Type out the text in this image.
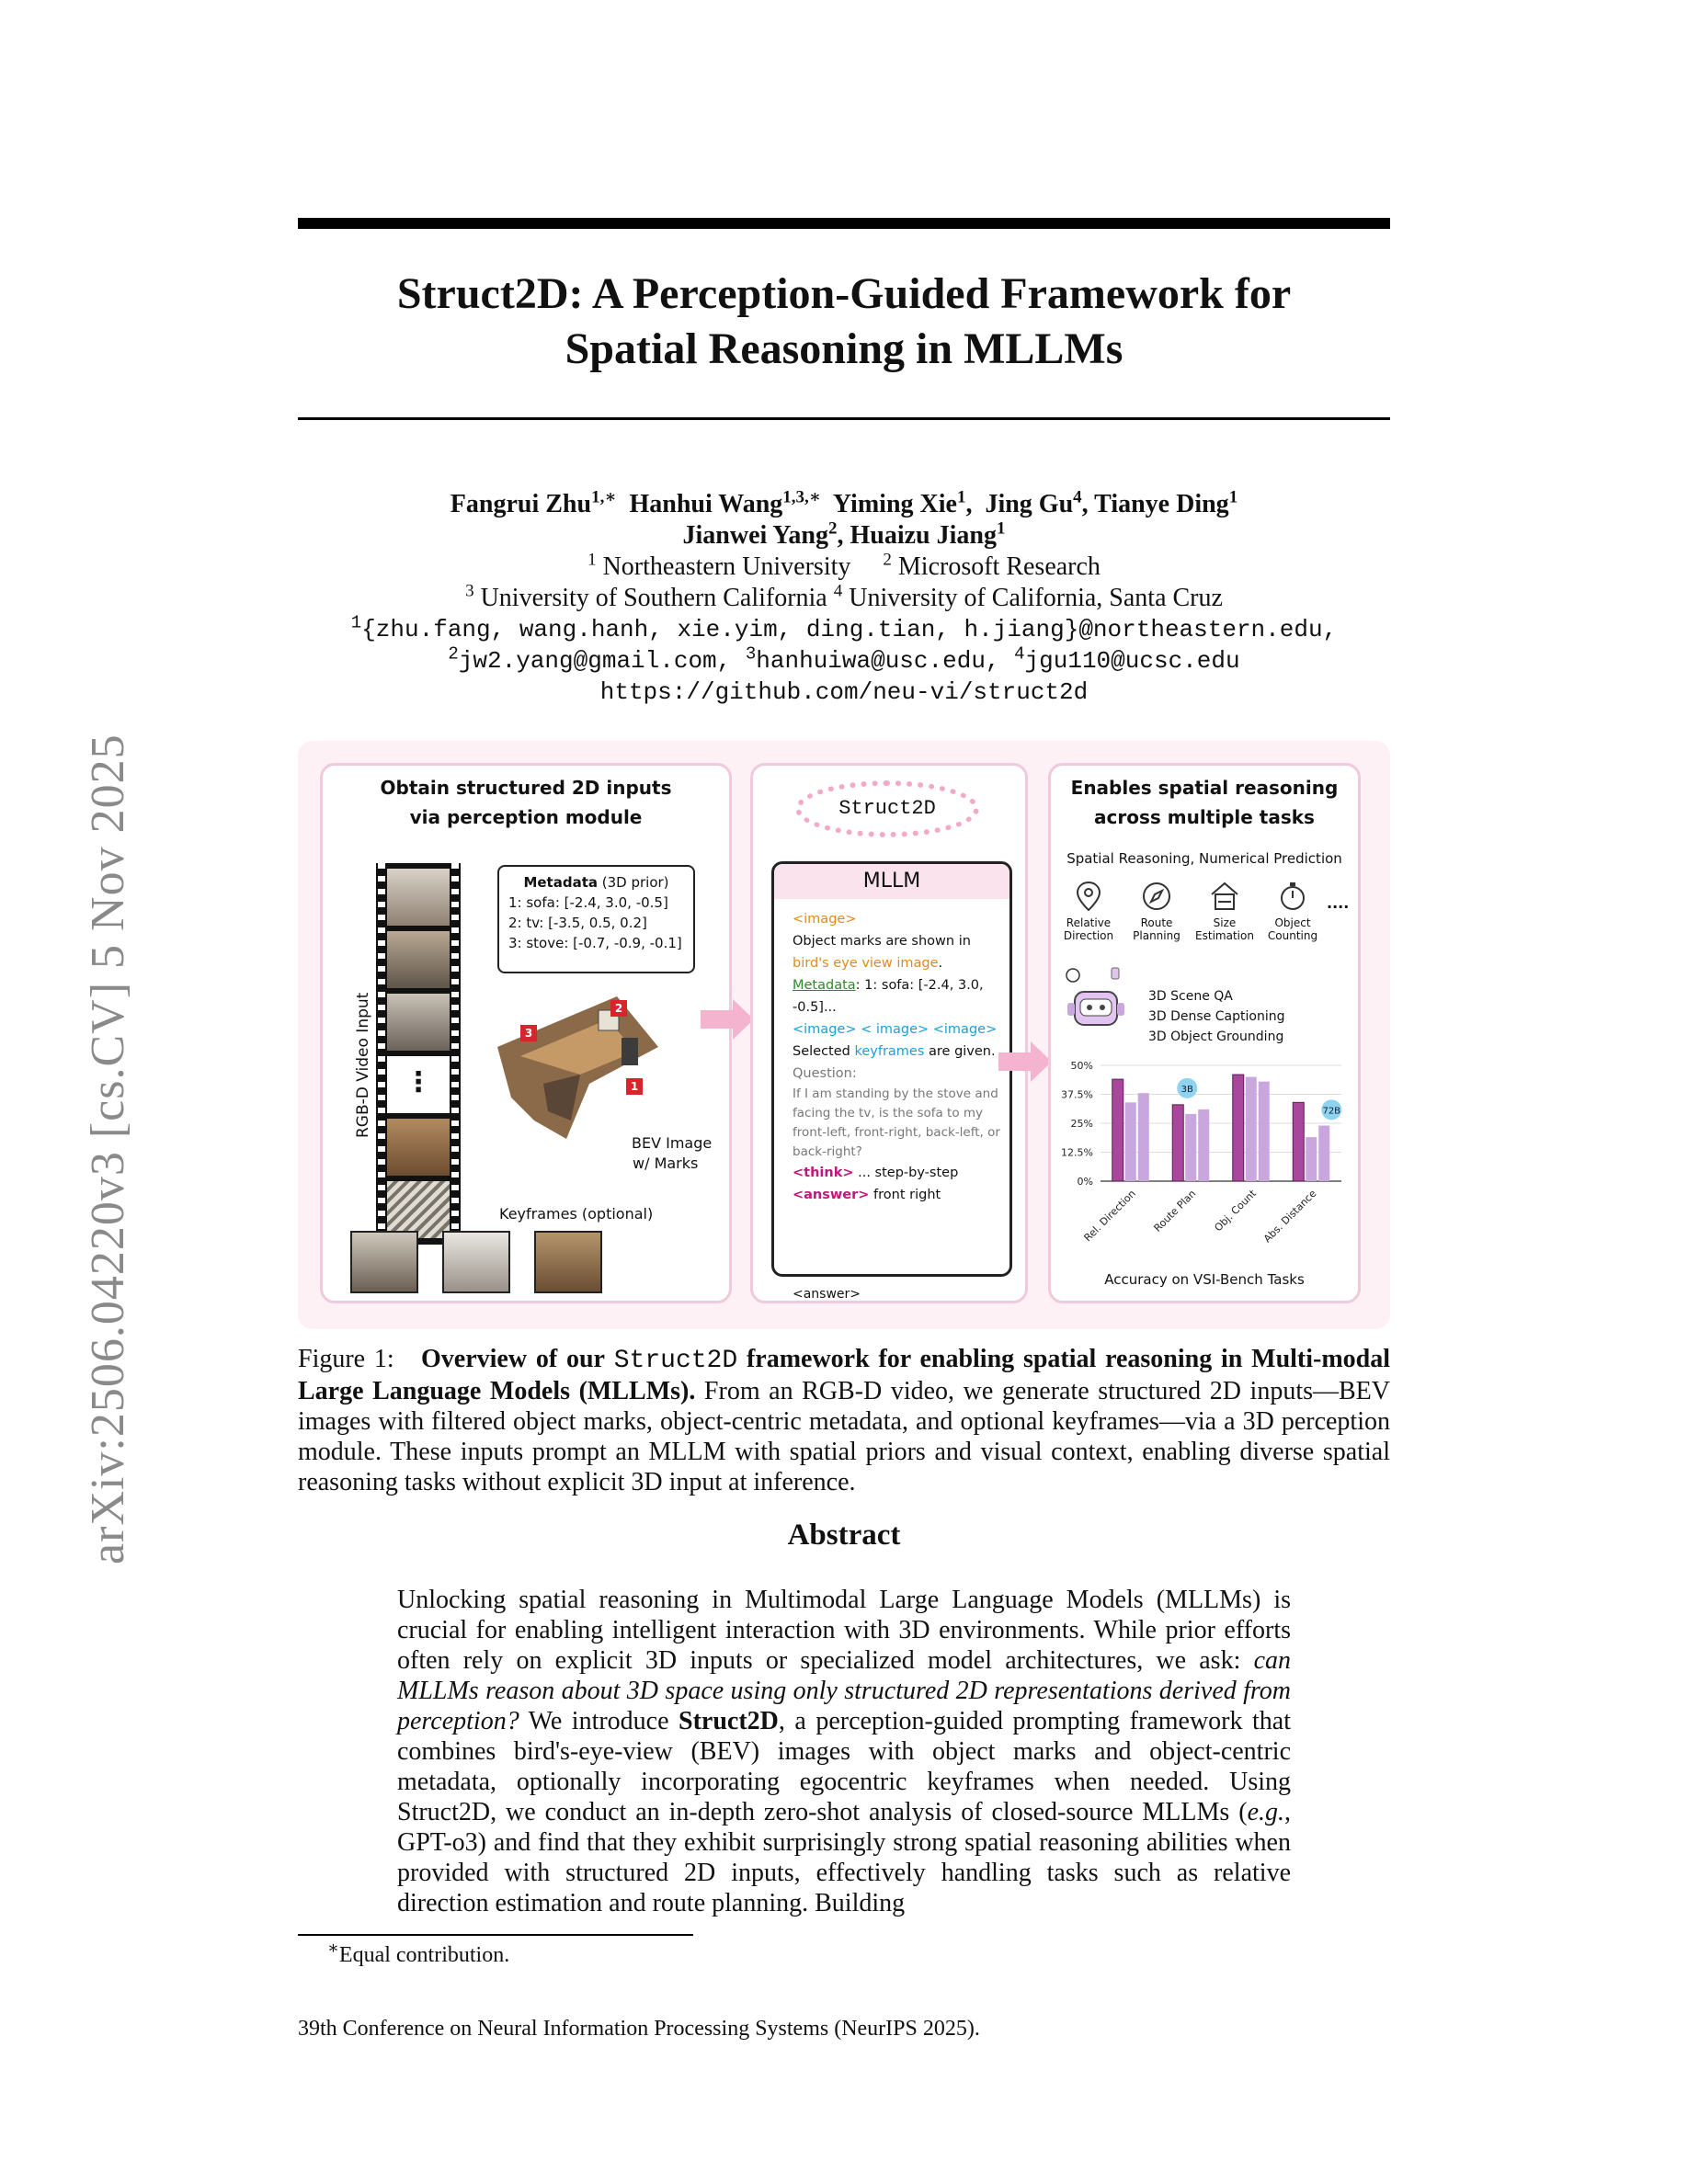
arXiv:2506.04220v3 [cs.CV] 5 Nov 2025
Struct2D: A Perception-Guided Framework for
Spatial Reasoning in MLLMs
Fangrui Zhu$^{1,∗}$ Hanhui Wang$^{1,3,∗}$ Yiming Xie$^1$,  Jing Gu$^4$, Tianye Ding$^1$
Jianwei Yang$^2$, Huaizu Jiang$^1$
$^1$ Northeastern University $^2$ Microsoft Research
$^3$ University of Southern California $^4$ University of California, Santa Cruz
$^1${zhu.fang, wang.hanh, xie.yim, ding.tian, h.jiang}@northeastern.edu,
$^2$jw2.yang@gmail.com, $^3$hanhuiwa@usc.edu, $^4$jgu110@ucsc.edu
https://github.com/neu-vi/struct2d
Obtain structured 2D inputs
via perception module
RGB-D Video Input	⋮
Metadata (3D prior)
1: sofa: [-2.4, 3.0, -0.5]
2: tv: [-3.5, 0.5, 0.2]
3: stove: [-0.7, -0.9, -0.1]
2
3
1
BEV Image
w/ Marks
Keyframes (optional)
Struct2D
MLLM
<image>
Object marks are shown in bird's eye view image.
Metadata: 1: sofa: [-2.4, 3.0, -0.5]...
<image> < image> <image>
Selected keyframes are given.
Question:
If I am standing by the stove and facing the tv, is the sofa to my front-left, front-right, back-left, or back-right?
<think> ... step-by-step
<answer> front right
<answer>
Enables spatial reasoning
across multiple tasks
Spatial Reasoning, Numerical Prediction
Relative
Direction
Route
Planning
Size
Estimation
Object
Counting
....
3D Scene QA
3D Dense Captioning
3D Object Grounding
0%
12.5%
25%
37.5%
50%
Rel. Direction Route Plan Obj. Count Abs. Distance
3B
72B
Accuracy on VSI-Bench Tasks
Figure 1: Overview of our Struct2D framework for enabling spatial reasoning in Multi-modal Large Language Models (MLLMs). From an RGB-D video, we generate structured 2D inputs—BEV images with filtered object marks, object-centric metadata, and optional keyframes—via a 3D perception module. These inputs prompt an MLLM with spatial priors and visual context, enabling diverse spatial reasoning tasks without explicit 3D input at inference.
Abstract
Unlocking spatial reasoning in Multimodal Large Language Models (MLLMs) is crucial for enabling intelligent interaction with 3D environments. While prior efforts often rely on explicit 3D inputs or specialized model architectures, we ask: can MLLMs reason about 3D space using only structured 2D representations derived from perception? We introduce Struct2D, a perception-guided prompting framework that combines bird's-eye-view (BEV) images with object marks and object-centric metadata, optionally incorporating egocentric keyframes when needed. Using Struct2D, we conduct an in-depth zero-shot analysis of closed-source MLLMs (e.g., GPT-o3) and find that they exhibit surprisingly strong spatial reasoning abilities when provided with structured 2D inputs, effectively handling tasks such as relative direction estimation and route planning. Building
∗Equal contribution.
39th Conference on Neural Information Processing Systems (NeurIPS 2025).
